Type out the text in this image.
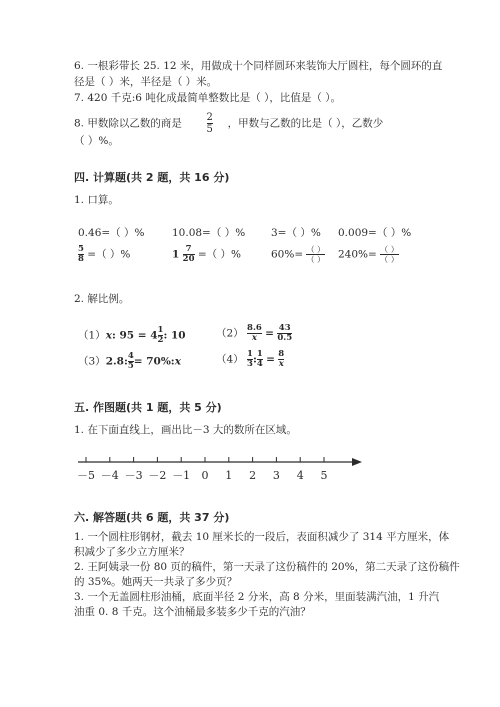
6. 一根彩带长 25. 12 米，用做成十个同样圆环来装饰大厅圆柱，每个圆环的直
径是（ ）米，半径是（ ）米。
7. 420 千克:6 吨化成最简单整数比是（ ），比值是（ ）。
8. 甲数除以乙数的商是 $\frac{2}{5}$ ，甲数与乙数的比是（ ），乙数少
（ ）%。
四. 计算题(共 2 题，共 16 分)
1. 口算。
0.46=（ ）%	10.08=（ ）% 3=（ ）% 0.009=（ ）%
$\frac{5}{8}$ =（ ）%	$1 \frac{7}{20}$ =（ ）%	$60\%= \frac{( )}{( )} 240\%= \frac{( )}{( )}$
2. 解比例。
（1）x: $95 = 4 \frac{1}{2}$ : 10	$(2) \frac{8.6}{x} = \frac{43}{0.5}$
（3）2.8: $\frac{4}{5}$ = 70%:x	$(4) \frac{1}{3}$ : $\frac{1}{4} = \frac{8}{x}$
五. 作图题(共 1 题，共 5 分)
1. 在下面直线上，画出比－3 大的数所在区域。
－5 －4 －3 －2 －1 0 1 2 3 4 5
六. 解答题(共 6 题，共 37 分)
1. 一个圆柱形钢材，截去 10 厘米长的一段后，表面积减少了 314 平方厘米，体
积减少了多少立方厘米？
2. 王阿姨录一份 80 页的稿件，第一天录了这份稿件的 20%，第二天录了这份稿件
的 35%。她两天一共录了多少页？
3. 一个无盖圆柱形油桶，底面半径 2 分米，高 8 分米，里面装满汽油，1 升汽
油重 0. 8 千克。这个油桶最多装多少千克的汽油？
